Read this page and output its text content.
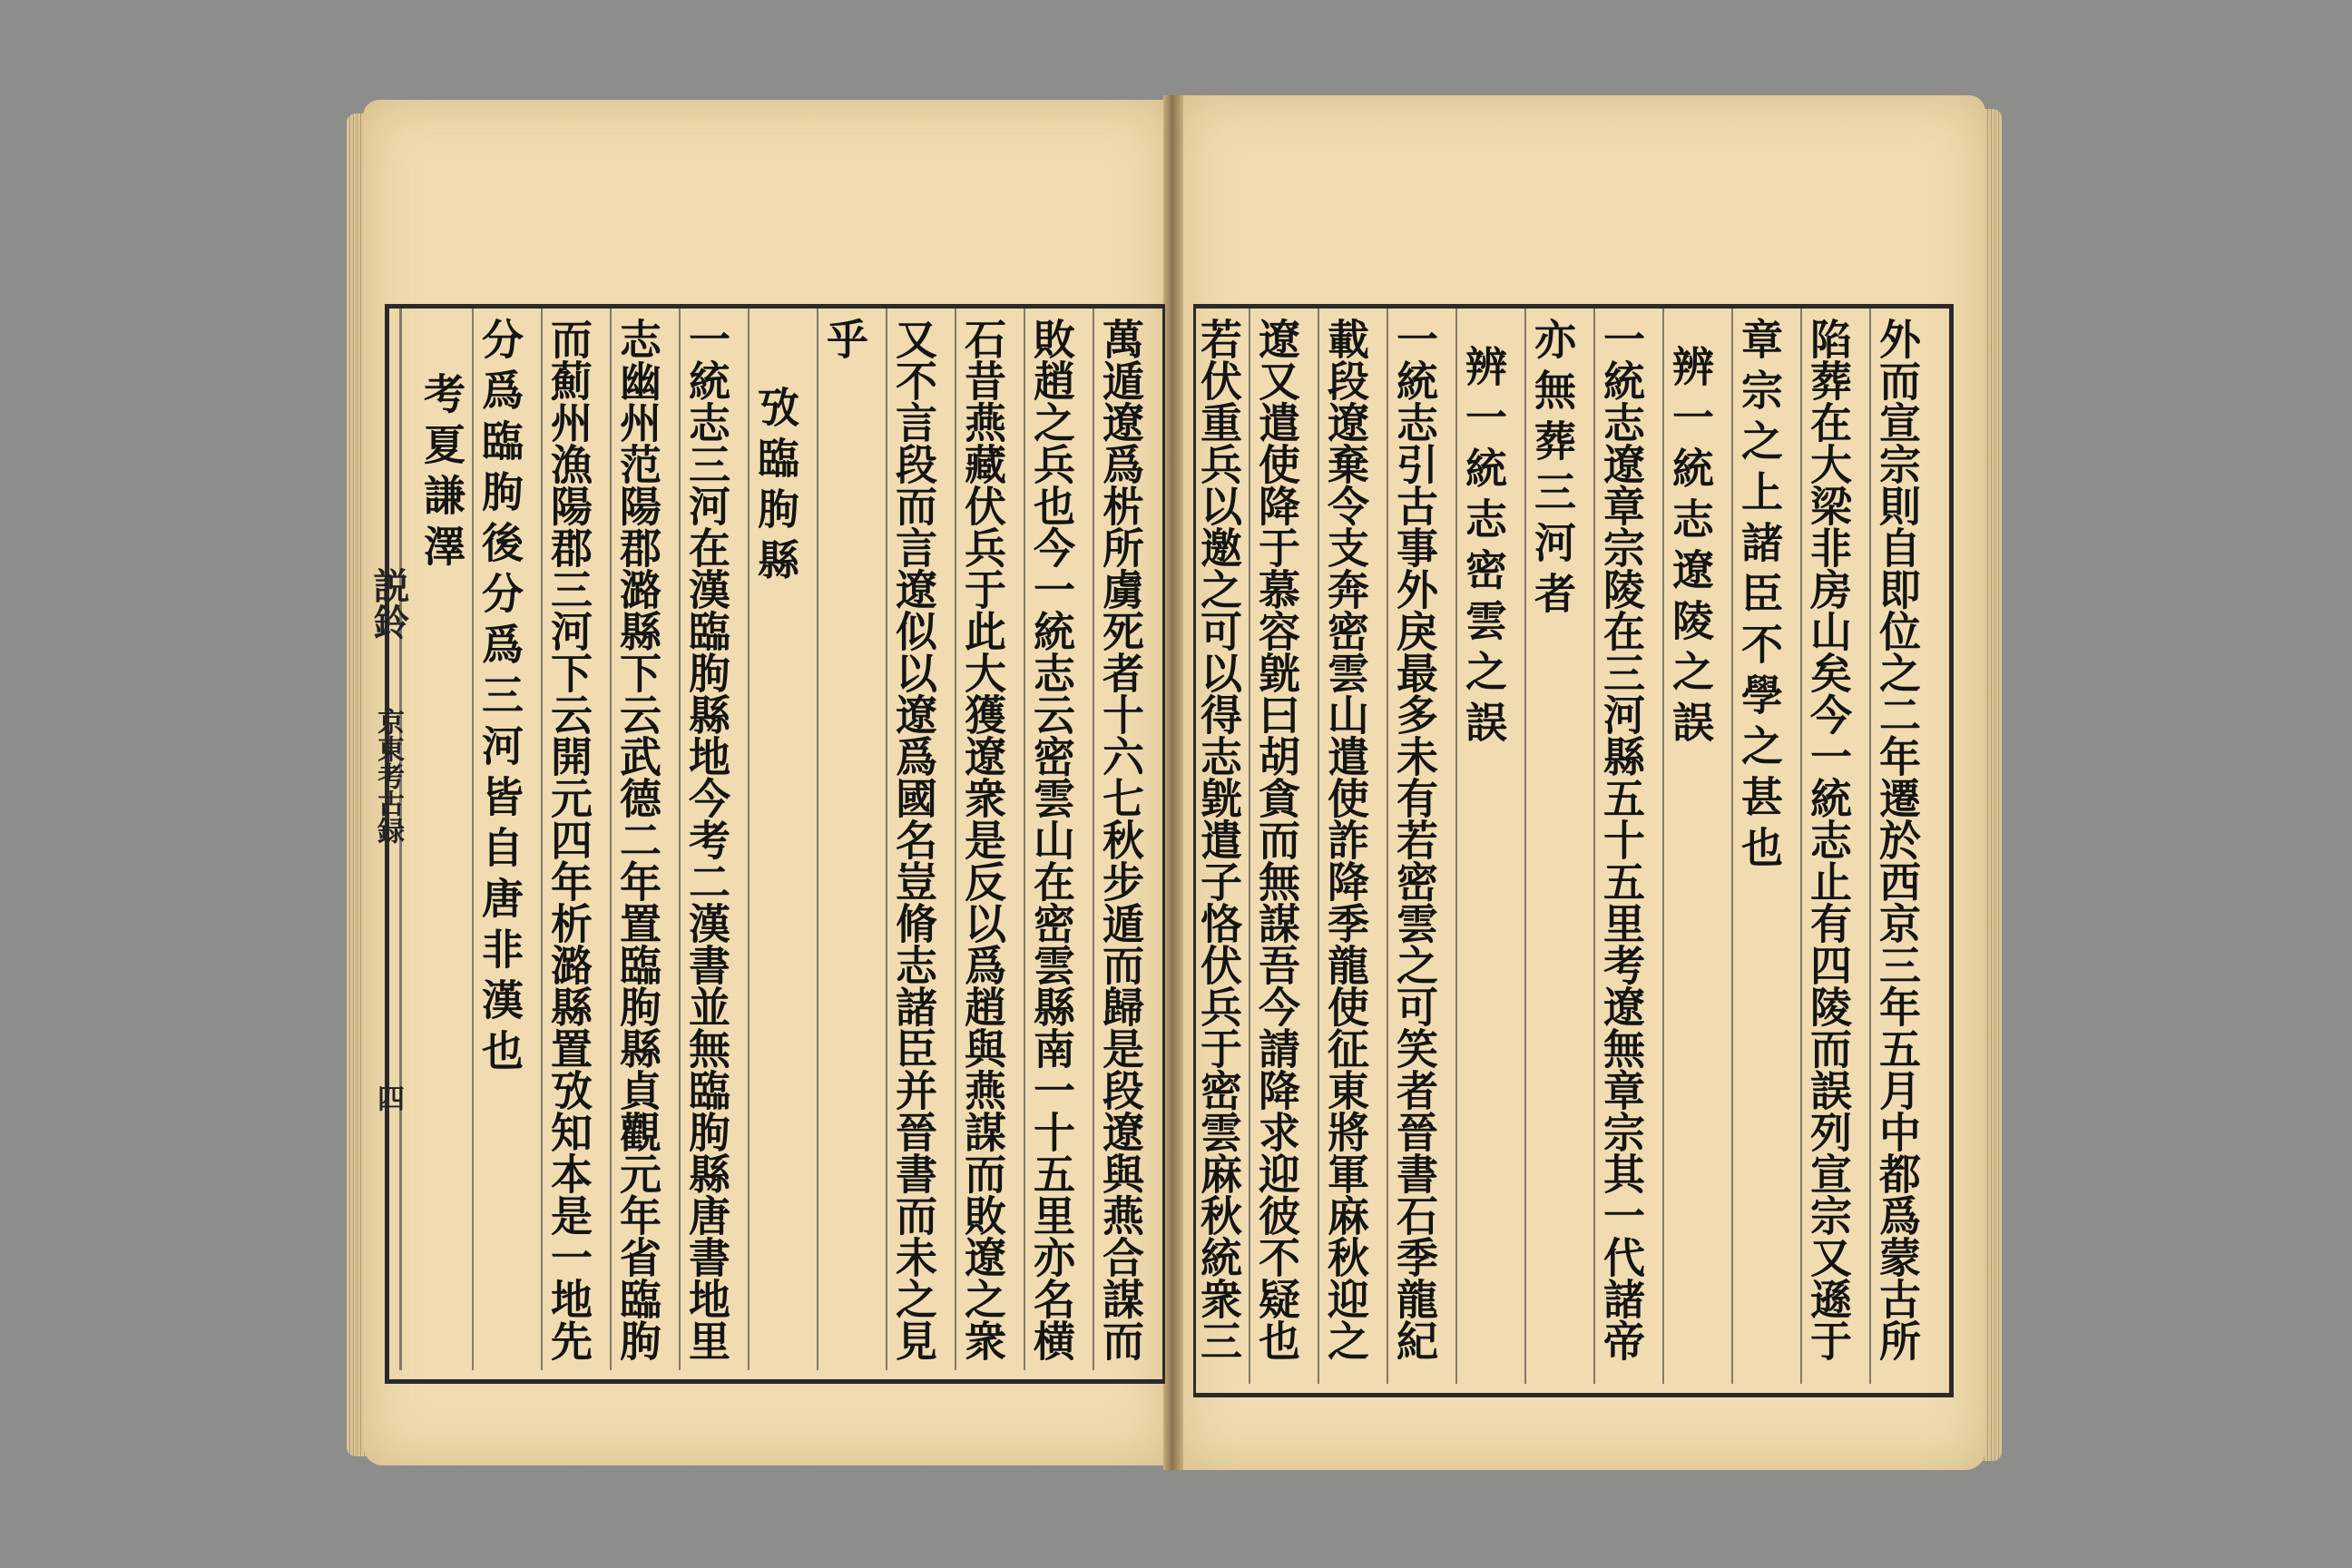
萬遁遼爲㭊所虜死者十六七秋步遁而歸是段遼與燕合謀而
敗趙之兵也今一統志云密雲山在密雲縣南一十五里亦名横
石昔燕藏伏兵于此大獲遼衆是反以爲趙與燕謀而敗遼之衆
又不言段而言遼似以遼爲國名豈脩志諸臣并晉書而未之見
乎
攷臨朐縣
一統志三河在漢臨朐縣地今考二漢書並無臨朐縣唐書地里
志幽州范陽郡潞縣下云武德二年置臨朐縣貞觀元年省臨朐
而薊州漁陽郡三河下云開元四年析潞縣置攷知本是一地先
分爲臨朐後分爲三河皆自唐非漢也
考夏謙澤
説鈴
京東考古録
四	外而宣宗則自即位之二年遷於西京三年五月中都爲蒙古所
陷葬在大梁非房山矣今一統志止有四陵而誤列宣宗又遜于
章宗之上諸臣不學之甚也
辨一統志遼陵之誤
一統志遼章宗陵在三河縣五十五里考遼無章宗其一代諸帝
亦無葬三河者
辨一統志密雲之誤
一統志引古事外戾最多未有若密雲之可笑者晉書石季龍紀
載段遼棄令支奔密雲山遣使詐降季龍使征東將軍麻秋迎之
遼又遣使降于慕容皝曰胡貪而無謀吾今請降求迎彼不疑也
若伏重兵以邀之可以得志皝遣子恪伏兵于密雲麻秋統衆三
